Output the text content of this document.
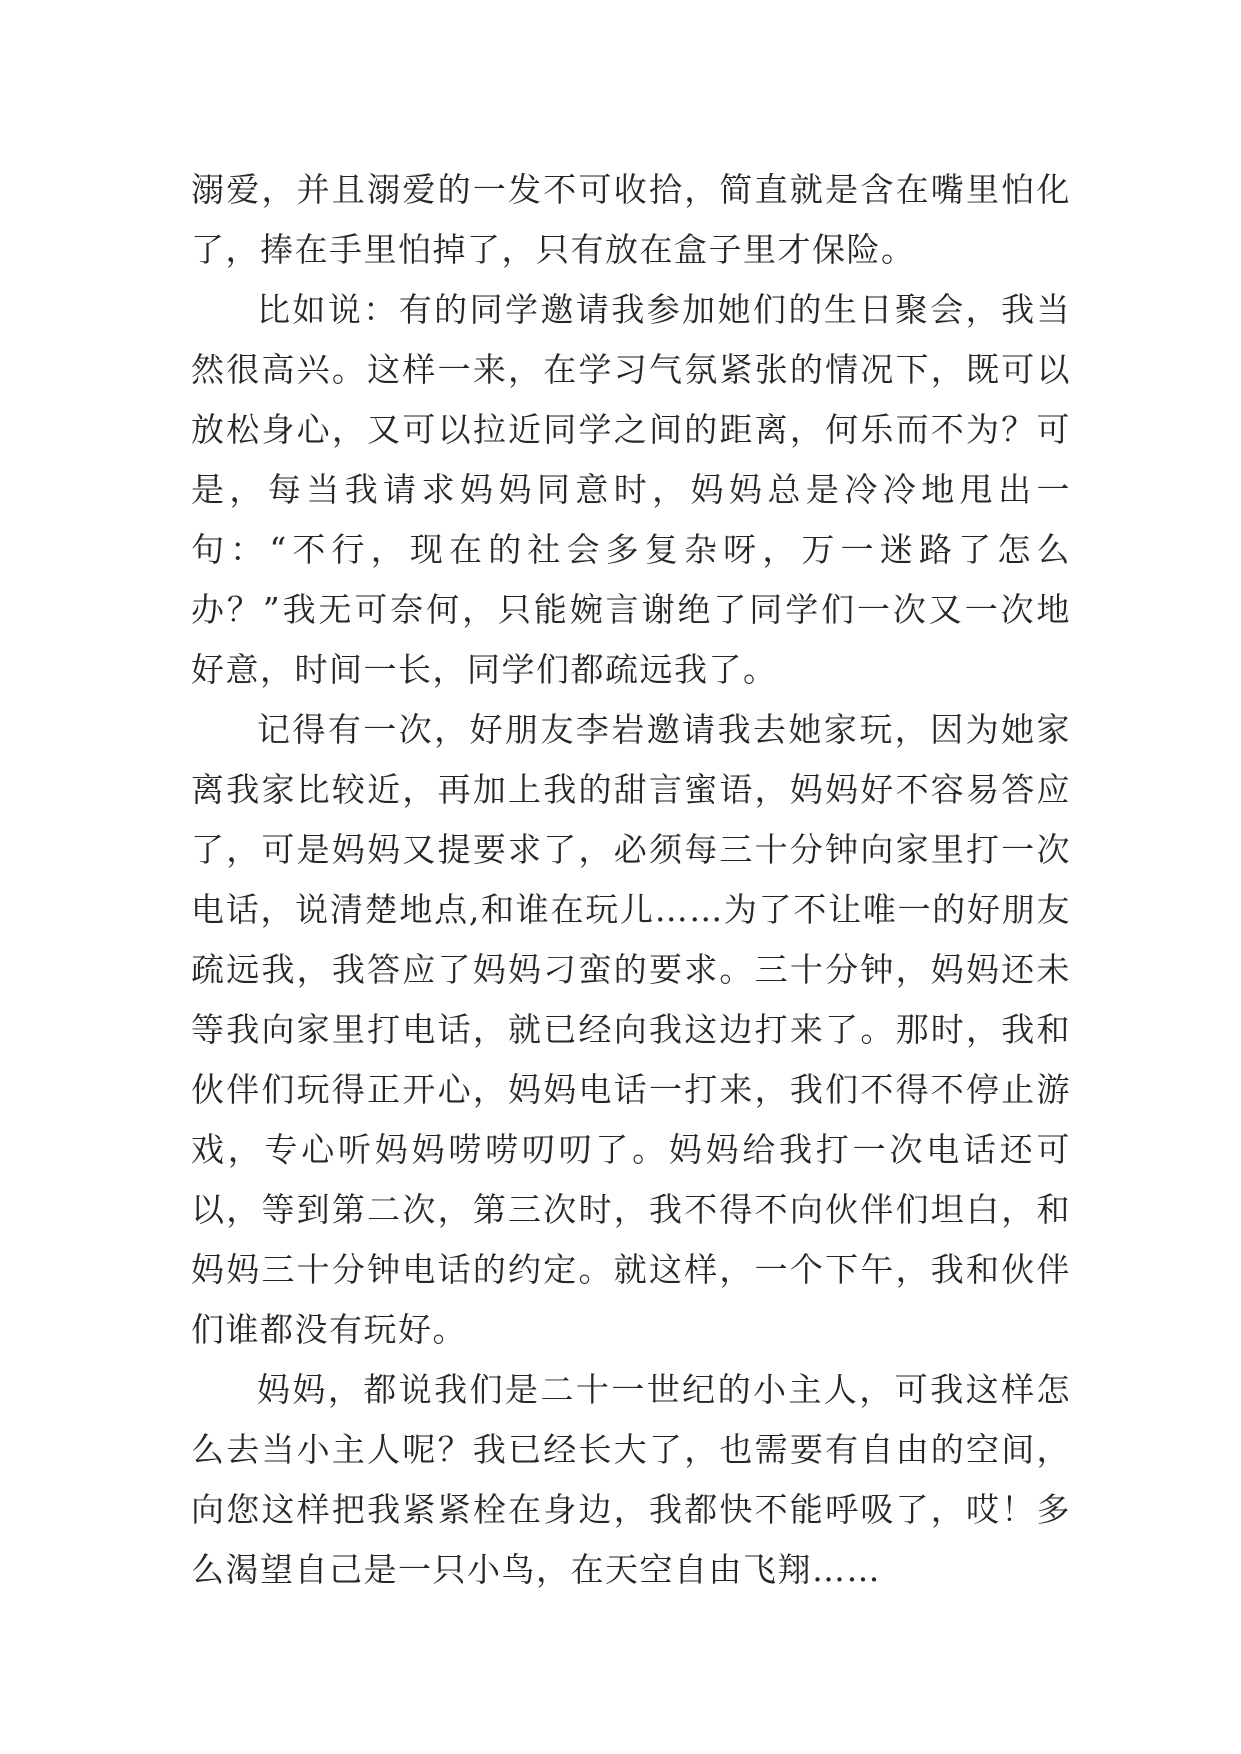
溺爱，并且溺爱的一发不可收拾，简直就是含在嘴里怕化了，捧在手里怕掉了，只有放在盒子里才保险。

比如说：有的同学邀请我参加她们的生日聚会，我当然很高兴。这样一来，在学习气氛紧张的情况下，既可以放松身心，又可以拉近同学之间的距离，何乐而不为？可是，每当我请求妈妈同意时，妈妈总是冷冷地甩出一句：“不行，现在的社会多复杂呀，万一迷路了怎么办？”我无可奈何，只能婉言谢绝了同学们一次又一次地好意，时间一长，同学们都疏远我了。

记得有一次，好朋友李岩邀请我去她家玩，因为她家离我家比较近，再加上我的甜言蜜语，妈妈好不容易答应了，可是妈妈又提要求了，必须每三十分钟向家里打一次电话，说清楚地点,和谁在玩儿……为了不让唯一的好朋友疏远我，我答应了妈妈刁蛮的要求。三十分钟，妈妈还未等我向家里打电话，就已经向我这边打来了。那时，我和伙伴们玩得正开心，妈妈电话一打来，我们不得不停止游戏，专心听妈妈唠唠叨叨了。妈妈给我打一次电话还可以，等到第二次，第三次时，我不得不向伙伴们坦白，和妈妈三十分钟电话的约定。就这样，一个下午，我和伙伴们谁都没有玩好。

妈妈，都说我们是二十一世纪的小主人，可我这样怎么去当小主人呢？我已经长大了，也需要有自由的空间，向您这样把我紧紧栓在身边，我都快不能呼吸了，哎！多么渴望自己是一只小鸟，在天空自由飞翔……
